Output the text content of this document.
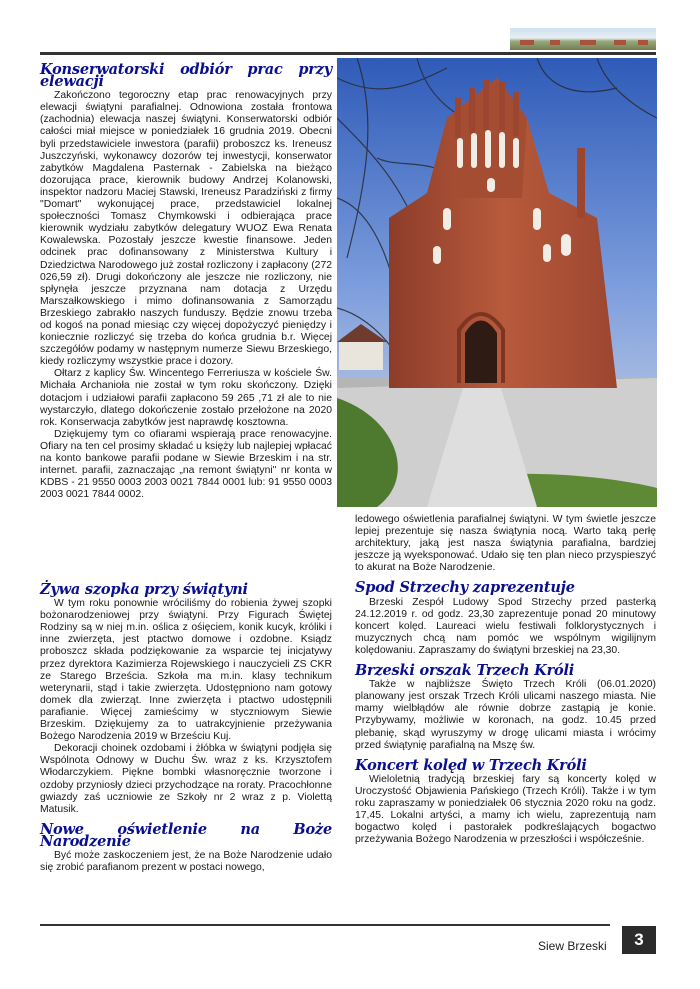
Konserwatorski odbiór prac przy elewacji

Zakończono tegoroczny etap prac renowacyjnych przy elewacji świątyni parafialnej. Odnowiona została frontowa (zachodnia) elewacja naszej świątyni. Konserwatorski odbiór całości miał miejsce w poniedziałek 16 grudnia 2019. Obecni byli przedstawiciele inwestora (parafii) proboszcz ks. Ireneusz Juszczyński, wykonawcy dozorów tej inwestycji, konserwator zabytków Magdalena Pasternak - Zabielska na bieżąco dozorująca prace, kierownik budowy Andrzej Kolanowski, inspektor nadzoru Maciej Stawski, Ireneusz Paradziński z firmy "Domart" wykonującej prace, przedstawiciel lokalnej społeczności Tomasz Chymkowski i odbierająca prace kierownik wydziału zabytków delegatury WUOZ Ewa Renata Kowalewska. Pozostały jeszcze kwestie finansowe. Jeden odcinek prac dofinansowany z Ministerstwa Kultury i Dziedzictwa Narodowego już został rozliczony i zapłacony (272 026,59 zł). Drugi dokończony ale jeszcze nie rozliczony, nie spłynęła jeszcze przyznana nam dotacja z Urzędu Marszałkowskiego i mimo dofinansowania z Samorządu Brzeskiego zabrakło naszych funduszy. Będzie znowu trzeba od kogoś na ponad miesiąc czy więcej dopożyczyć pieniędzy i koniecznie rozliczyć się trzeba do końca grudnia b.r. Więcej szczegółów podamy w następnym numerze Siewu Brzeskiego, kiedy rozliczymy wszystkie prace i dozory.

Ołtarz z kaplicy Św. Wincentego Ferreriusza w kościele Św. Michała Archanioła nie został w tym roku skończony. Dzięki dotacjom i udziałowi parafii zapłacono 59 265 ,71 zł ale to nie wystarczyło, dlatego dokończenie zostało przełożone na 2020 rok. Konserwacja zabytków jest naprawdę kosztowna.

Dziękujemy tym co ofiarami wspierają prace renowacyjne. Ofiary na ten cel prosimy składać u księży lub najlepiej wpłacać na konto bankowe parafii podane w Siewie Brzeskim i na str. internet. parafii, zaznaczając „na remont świątyni" nr konta w KDBS - 21 9550 0003 2003 0021 7844 0001 lub: 91 9550 0003 2003 0021 7844 0002.

Żywa szopka przy świątyni

W tym roku ponownie wróciliśmy do robienia żywej szopki bożonarodzeniowej przy świątyni. Przy Figurach Świętej Rodziny są w niej m.in. oślica z ośięciem, konik kucyk, króliki i inne zwierzęta, jest ptactwo domowe i ozdobne. Ksiądz proboszcz składa podziękowanie za wsparcie tej inicjatywy przez dyrektora Kazimierza Rojewskiego i nauczycieli ZS CKR ze Starego Brześcia. Szkoła ma m.in. klasy technikum weterynarii, stąd i takie zwierzęta. Udostępniono nam gotowy domek dla zwierząt. Inne zwierzęta i ptactwo udostępnili parafianie. Więcej zamieścimy w styczniowym Siewie Brzeskim. Dziękujemy za to uatrakcyjnienie przeżywania Bożego Narodzenia 2019 w Brześciu Kuj.

Dekoracji choinek ozdobami i żłóbka w świątyni podjęła się Wspólnota Odnowy w Duchu Św. wraz z ks. Krzysztofem Włodarczykiem. Piękne bombki własnoręcznie tworzone i ozdoby przyniosły dzieci przychodzące na roraty. Pracochłonne gwiazdy zaś uczniowie ze Szkoły nr 2 wraz z p. Violettą Matusik.

Nowe oświetlenie na Boże Narodzenie

Być może zaskoczeniem jest, że na Boże Narodzenie udało się zrobić parafianom prezent w postaci nowego,

ledowego oświetlenia parafialnej świątyni. W tym świetle jeszcze lepiej prezentuje się nasza świątynia nocą. Warto taką perłę architektury, jaką jest nasza świątynia parafialna, bardziej jeszcze ją wyeksponować. Udało się ten plan nieco przyspieszyć to akurat na Boże Narodzenie.

Spod Strzechy zaprezentuje

Brzeski Zespół Ludowy Spod Strzechy przed pasterką 24.12.2019 r. od godz. 23,30 zaprezentuje ponad 20 minutowy koncert kolęd. Laureaci wielu festiwali folklorystycznych i muzycznych chcą nam pomóc we wspólnym wigilijnym kolędowaniu. Zapraszamy do świątyni brzeskiej na 23,30.

Brzeski orszak Trzech Króli

Także w najbliższe Święto Trzech Króli (06.01.2020) planowany jest orszak Trzech Króli ulicami naszego miasta. Nie mamy wielbłądów ale równie dobrze zastąpią je konie. Przybywamy, możliwie w koronach, na godz. 10.45 przed plebanię, skąd wyruszymy w drogę ulicami miasta i wrócimy przed świątynię parafialną na Mszę św.

Koncert kolęd w Trzech Króli

Wieloletnią tradycją brzeskiej fary są koncerty kolęd w Uroczystość Objawienia Pańskiego (Trzech Króli). Także i w tym roku zapraszamy w poniedziałek 06 stycznia 2020 roku na godz. 17,45. Lokalni artyści, a mamy ich wielu, zaprezentują nam bogactwo kolęd i pastorałek podkreślających bogactwo przeżywania Bożego Narodzenia w przeszłości i współcześnie.

Siew Brzeski	3
